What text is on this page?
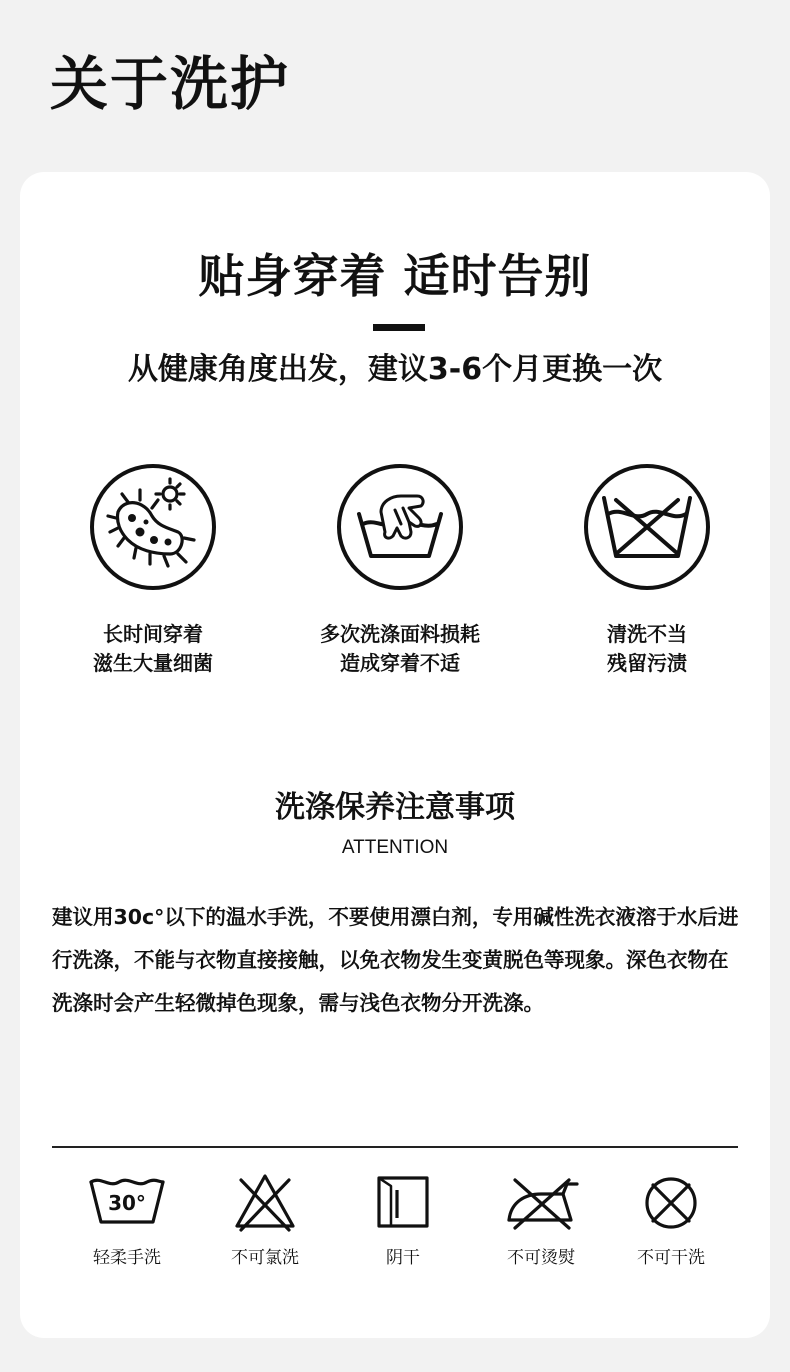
关于洗护
贴身穿着 适时告别
从健康角度出发，建议3-6个月更换一次
长时间穿着
滋生大量细菌
多次洗涤面料损耗
造成穿着不适
清洗不当
残留污渍
洗涤保养注意事项
ATTENTION
建议用30c°以下的温水手洗，不要使用漂白剂，专用碱性洗衣液溶于水后进行洗涤，不能与衣物直接接触，以免衣物发生变黄脱色等现象。深色衣物在洗涤时会产生轻微掉色现象，需与浅色衣物分开洗涤。
30°
轻柔手洗	不可氯洗	阴干	不可烫熨	不可干洗
